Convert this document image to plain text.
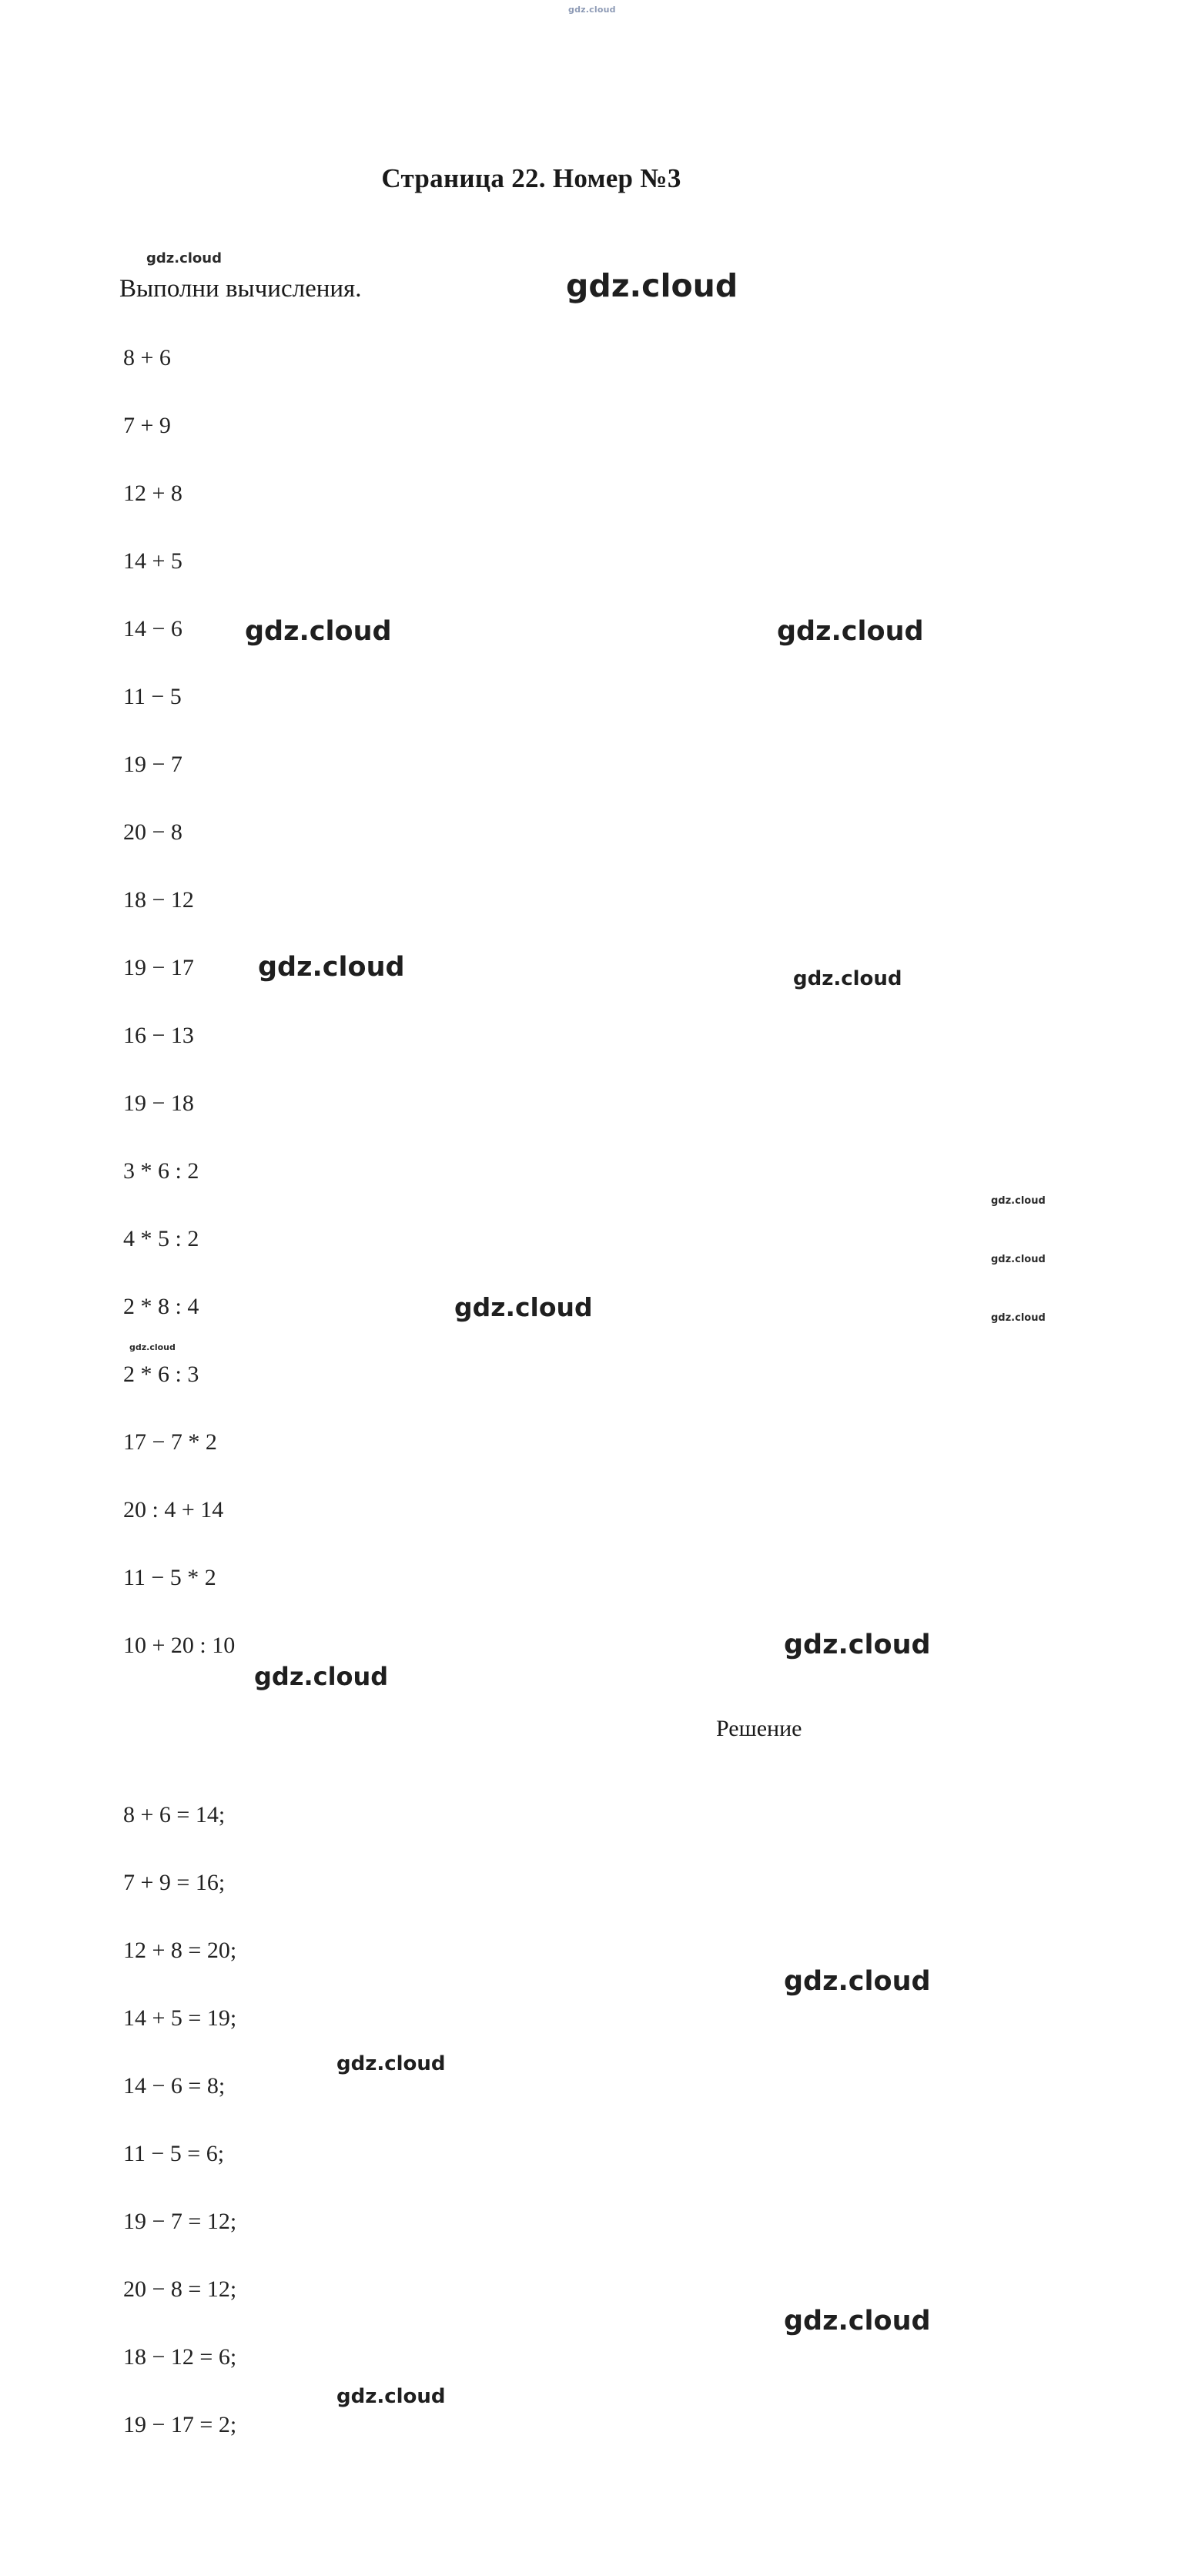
gdz.cloud
Страница 22. Номер №3
Выполни вычисления.
8 + 6
7 + 9
12 + 8
14 + 5
14 − 6
11 − 5
19 − 7
20 − 8
18 − 12
19 − 17
16 − 13
19 − 18
3 * 6 : 2
4 * 5 : 2
2 * 8 : 4
2 * 6 : 3
17 − 7 * 2
20 : 4 + 14
11 − 5 * 2
10 + 20 : 10
Решение
8 + 6 = 14;
7 + 9 = 16;
12 + 8 = 20;
14 + 5 = 19;
14 − 6 = 8;
11 − 5 = 6;
19 − 7 = 12;
20 − 8 = 12;
18 − 12 = 6;
19 − 17 = 2;
gdz.cloud
gdz.cloud
gdz.cloud	gdz.cloud
gdz.cloud	gdz.cloud
gdz.cloud
gdz.cloud
gdz.cloud	gdz.cloud
gdz.cloud
gdz.cloud
gdz.cloud
gdz.cloud
gdz.cloud
gdz.cloud
gdz.cloud
